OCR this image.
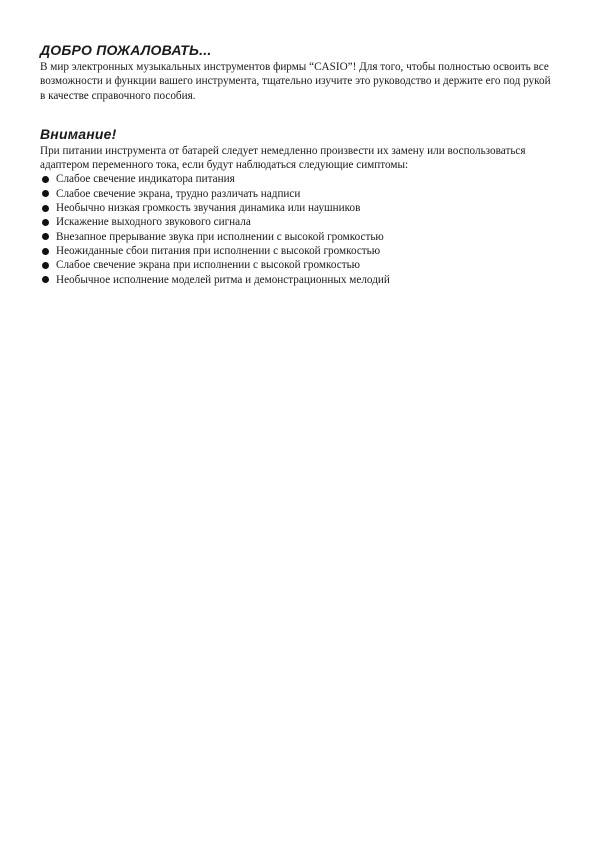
ДОБРО ПОЖАЛОВАТЬ...

В мир электронных музыкальных инструментов фирмы “CASIO”! Для того, чтобы полностью освоить все возможности и функции вашего инструмента, тщательно изучите это руководство и держите его под рукой в качестве справочного пособия.

Внимание!

При питании инструмента от батарей следует немедленно произвести их замену или воспользоваться адаптером переменного тока, если будут наблюдаться следующие симптомы:

Слабое свечение индикатора питания
Слабое свечение экрана, трудно различать надписи
Необычно низкая громкость звучания динамика или наушников
Искажение выходного звукового сигнала
Внезапное прерывание звука при исполнении с высокой громкостью
Неожиданные сбои питания при исполнении с высокой громкостью
Слабое свечение экрана при исполнении с высокой громкостью
Необычное исполнение моделей ритма и демонстрационных мелодий
